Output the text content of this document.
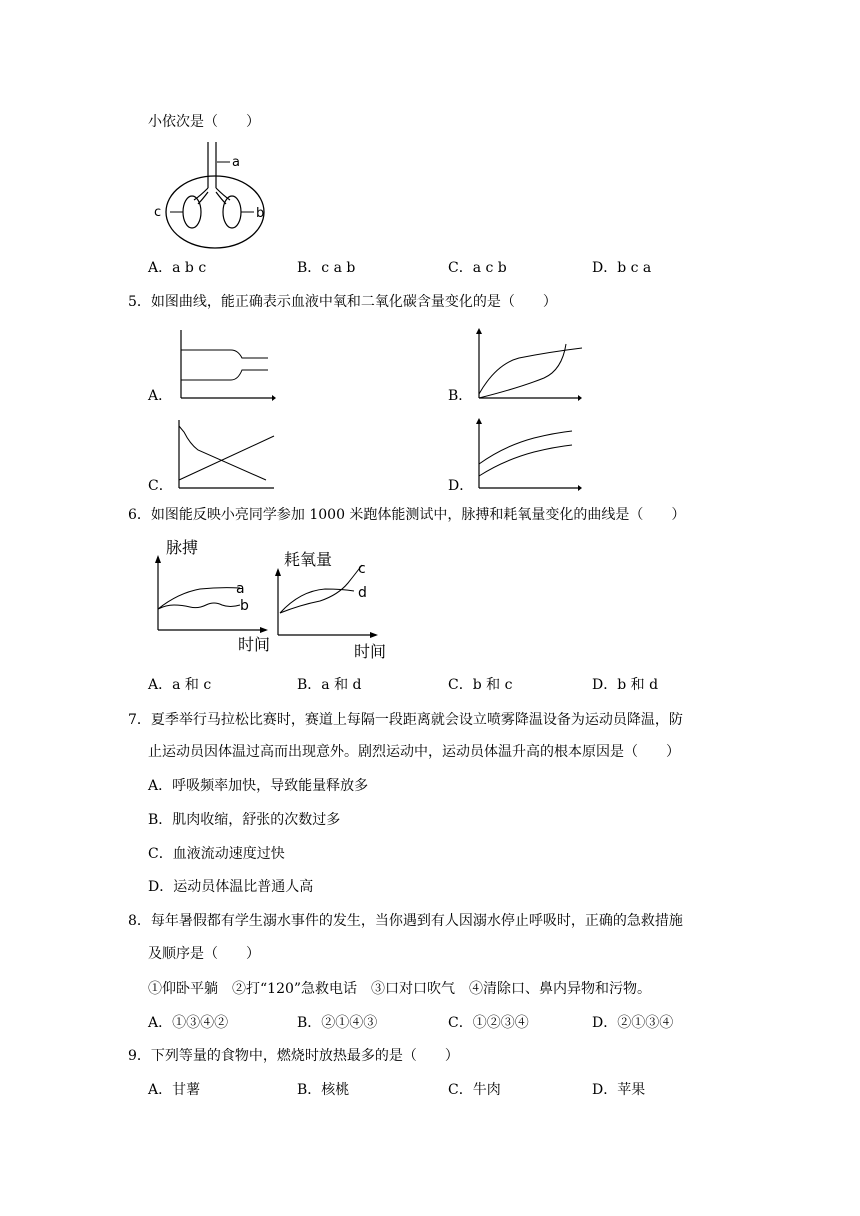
小依次是（　　）
a
c	b
A．a b c	B．c a b	C．a c b	D．b c a
5．如图曲线，能正确表示血液中氧和二氧化碳含量变化的是（　　）
A．	B．
C．	D．
6．如图能反映小亮同学参加 1000 米跑体能测试中，脉搏和耗氧量变化的曲线是（　　）
脉搏
a
b
时间
耗氧量 c
d
时间
A．a 和 c	B．a 和 d	C．b 和 c	D．b 和 d
7．夏季举行马拉松比赛时，赛道上每隔一段距离就会设立喷雾降温设备为运动员降温，防
止运动员因体温过高而出现意外。剧烈运动中，运动员体温升高的根本原因是（　　）
A．呼吸频率加快，导致能量释放多
B．肌肉收缩，舒张的次数过多
C．血液流动速度过快
D．运动员体温比普通人高
8．每年暑假都有学生溺水事件的发生，当你遇到有人因溺水停止呼吸时，正确的急救措施
及顺序是（　　）
①仰卧平躺　②打“120”急救电话　③口对口吹气　④清除口、鼻内异物和污物。
A．①③④②	B．②①④③	C．①②③④	D．②①③④
9．下列等量的食物中，燃烧时放热最多的是（　　）
A．甘薯	B．核桃	C．牛肉	D．苹果
